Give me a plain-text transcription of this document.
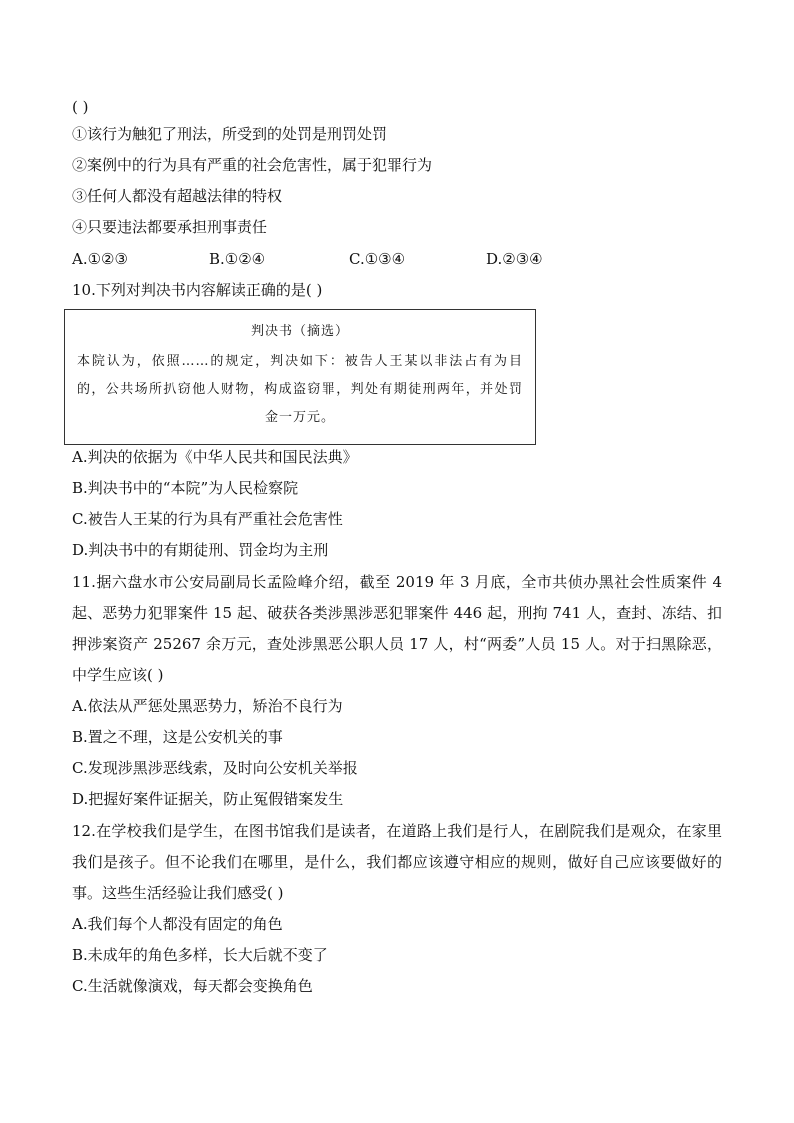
( )
①该行为触犯了刑法，所受到的处罚是刑罚处罚
②案例中的行为具有严重的社会危害性，属于犯罪行为
③任何人都没有超越法律的特权
④只要违法都要承担刑事责任
A.①②③	B.①②④	C.①③④	D.②③④
10.下列对判决书内容解读正确的是( )
判决书（摘选）
本院认为，依照……的规定，判决如下：被告人王某以非法占有为目的，公共场所扒窃他人财物，构成盗窃罪，判处有期徒刑两年，并处罚金一万元。
A.判决的依据为《中华人民共和国民法典》
B.判决书中的“本院”为人民检察院
C.被告人王某的行为具有严重社会危害性
D.判决书中的有期徒刑、罚金均为主刑
11.据六盘水市公安局副局长孟险峰介绍，截至 2019 年 3 月底，全市共侦办黑社会性质案件 4 起、恶势力犯罪案件 15 起、破获各类涉黑涉恶犯罪案件 446 起，刑拘 741 人，查封、冻结、扣押涉案资产 25267 余万元，查处涉黑恶公职人员 17 人，村“两委”人员 15 人。对于扫黑除恶，中学生应该( )
A.依法从严惩处黑恶势力，矫治不良行为
B.置之不理，这是公安机关的事
C.发现涉黑涉恶线索，及时向公安机关举报
D.把握好案件证据关，防止冤假错案发生
12.在学校我们是学生，在图书馆我们是读者，在道路上我们是行人，在剧院我们是观众，在家里我们是孩子。但不论我们在哪里，是什么，我们都应该遵守相应的规则，做好自己应该要做好的事。这些生活经验让我们感受( )
A.我们每个人都没有固定的角色
B.未成年的角色多样，长大后就不变了
C.生活就像演戏，每天都会变换角色
